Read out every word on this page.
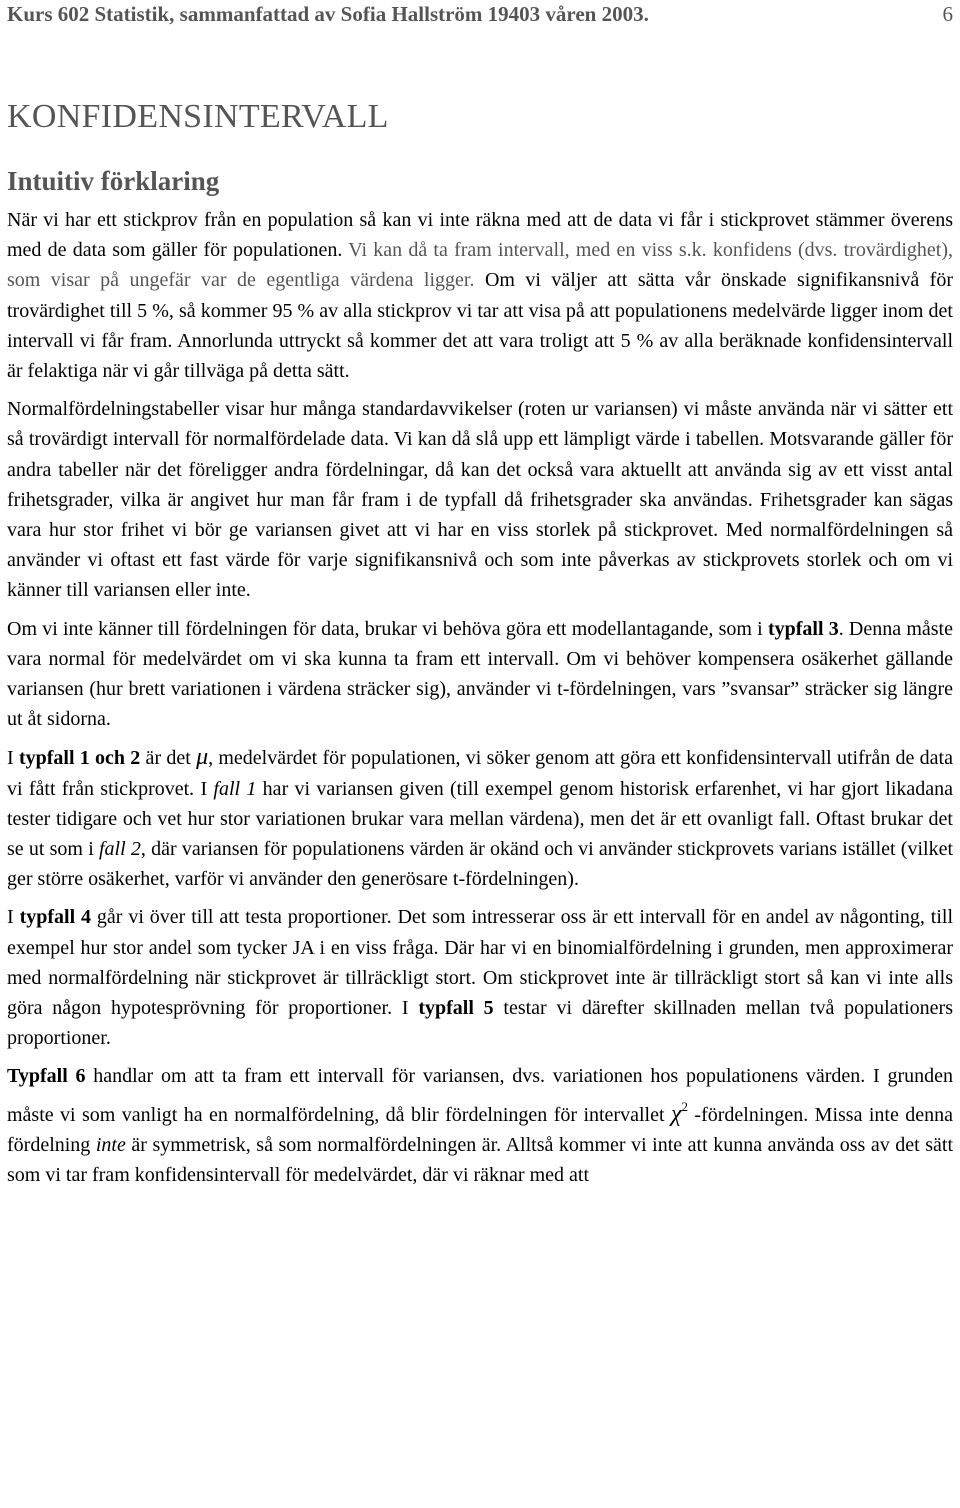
Kurs 602 Statistik, sammanfattad av Sofia Hallström 19403 våren 2003.	6
KONFIDENSINTERVALL
Intuitiv förklaring

När vi har ett stickprov från en population så kan vi inte räkna med att de data vi får i stickprovet stämmer överens med de data som gäller för populationen. Vi kan då ta fram intervall, med en viss s.k. konfidens (dvs. trovärdighet), som visar på ungefär var de egentliga värdena ligger. Om vi väljer att sätta vår önskade signifikansnivå för trovärdighet till 5 %, så kommer 95 % av alla stickprov vi tar att visa på att populationens medelvärde ligger inom det intervall vi får fram. Annorlunda uttryckt så kommer det att vara troligt att 5 % av alla beräknade konfidensintervall är felaktiga när vi går tillväga på detta sätt.

Normalfördelningstabeller visar hur många standardavvikelser (roten ur variansen) vi måste använda när vi sätter ett så trovärdigt intervall för normalfördelade data. Vi kan då slå upp ett lämpligt värde i tabellen. Motsvarande gäller för andra tabeller när det föreligger andra fördelningar, då kan det också vara aktuellt att använda sig av ett visst antal frihetsgrader, vilka är angivet hur man får fram i de typfall då frihetsgrader ska användas. Frihetsgrader kan sägas vara hur stor frihet vi bör ge variansen givet att vi har en viss storlek på stickprovet. Med normalfördelningen så använder vi oftast ett fast värde för varje signifikansnivå och som inte påverkas av stickprovets storlek och om vi känner till variansen eller inte.

Om vi inte känner till fördelningen för data, brukar vi behöva göra ett modellantagande, som i typfall 3. Denna måste vara normal för medelvärdet om vi ska kunna ta fram ett intervall. Om vi behöver kompensera osäkerhet gällande variansen (hur brett variationen i värdena sträcker sig), använder vi t-fördelningen, vars ”svansar” sträcker sig längre ut åt sidorna.

I typfall 1 och 2 är det μ, medelvärdet för populationen, vi söker genom att göra ett konfidensintervall utifrån de data vi fått från stickprovet. I fall 1 har vi variansen given (till exempel genom historisk erfarenhet, vi har gjort likadana tester tidigare och vet hur stor variationen brukar vara mellan värdena), men det är ett ovanligt fall. Oftast brukar det se ut som i fall 2, där variansen för populationens värden är okänd och vi använder stickprovets varians istället (vilket ger större osäkerhet, varför vi använder den generösare t-fördelningen).

I typfall 4 går vi över till att testa proportioner. Det som intresserar oss är ett intervall för en andel av någonting, till exempel hur stor andel som tycker JA i en viss fråga. Där har vi en binomialfördelning i grunden, men approximerar med normalfördelning när stickprovet är tillräckligt stort. Om stickprovet inte är tillräckligt stort så kan vi inte alls göra någon hypotesprövning för proportioner. I typfall 5 testar vi därefter skillnaden mellan två populationers proportioner.

Typfall 6 handlar om att ta fram ett intervall för variansen, dvs. variationen hos populationens värden. I grunden måste vi som vanligt ha en normalfördelning, då blir fördelningen för intervallet $\chi^2$ -fördelningen. Missa inte denna fördelning inte är symmetrisk, så som normalfördelningen är. Alltså kommer vi inte att kunna använda oss av det sätt som vi tar fram konfidensintervall för medelvärdet, där vi räknar med att
